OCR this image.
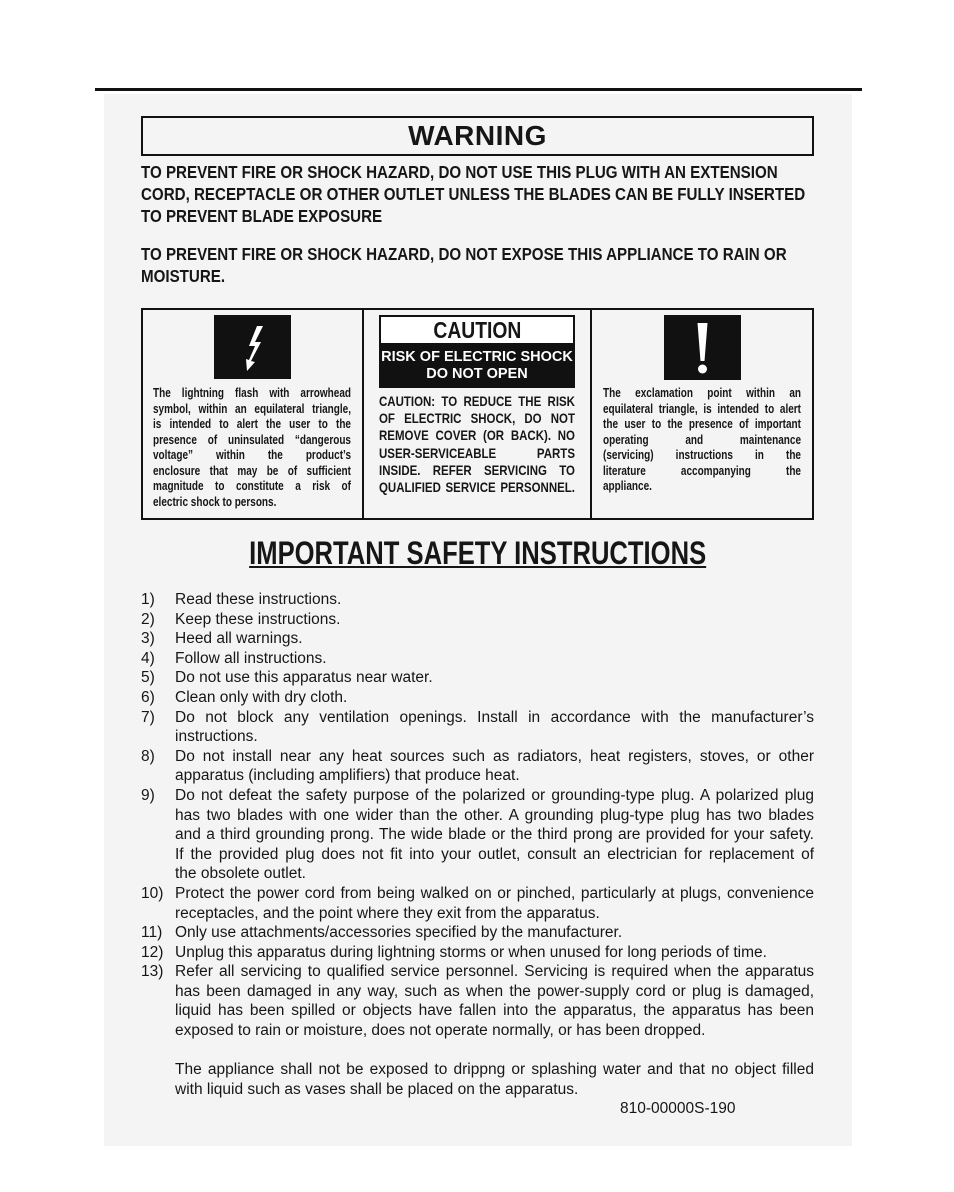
WARNING
TO PREVENT FIRE OR SHOCK HAZARD, DO NOT USE THIS PLUG WITH AN EXTENSION
CORD, RECEPTACLE OR OTHER OUTLET UNLESS THE BLADES CAN BE FULLY INSERTED
TO PREVENT BLADE EXPOSURE
TO PREVENT FIRE OR SHOCK HAZARD, DO NOT EXPOSE THIS APPLIANCE TO RAIN OR
MOISTURE.
The lightning flash with arrowhead
symbol, within an equilateral triangle,
is intended to alert the user to the
presence of uninsulated “dangerous
voltage” within the product’s
enclosure that may be of sufficient
magnitude to constitute a risk of
electric shock to persons.
CAUTION
RISK OF ELECTRIC SHOCK
DO NOT OPEN
CAUTION: TO REDUCE THE RISK
OF ELECTRIC SHOCK, DO NOT
REMOVE COVER (OR BACK). NO
USER-SERVICEABLE PARTS
INSIDE. REFER SERVICING TO
QUALIFIED SERVICE PERSONNEL.
The exclamation point within an
equilateral triangle, is intended to alert
the user to the presence of important
operating and maintenance
(servicing) instructions in the
literature accompanying the
appliance.
IMPORTANT SAFETY INSTRUCTIONS
1)	Read these instructions.
2)	Keep these instructions.
3)	Heed all warnings.
4)	Follow all instructions.
5)	Do not use this apparatus near water.
6)	Clean only with dry cloth.
7)	Do not block any ventilation openings. Install in accordance with the manufacturer’s
instructions.
8)	Do not install near any heat sources such as radiators, heat registers, stoves, or other
apparatus (including amplifiers) that produce heat.
9)	Do not defeat the safety purpose of the polarized or grounding-type plug. A polarized plug
has two blades with one wider than the other. A grounding plug-type plug has two blades
and a third grounding prong. The wide blade or the third prong are provided for your safety.
If the provided plug does not fit into your outlet, consult an electrician for replacement of
the obsolete outlet.
10) Protect the power cord from being walked on or pinched, particularly at plugs, convenience
receptacles, and the point where they exit from the apparatus.
11) Only use attachments/accessories specified by the manufacturer.
12) Unplug this apparatus during lightning storms or when unused for long periods of time.
13) Refer all servicing to qualified service personnel. Servicing is required when the apparatus
has been damaged in any way, such as when the power-supply cord or plug is damaged,
liquid has been spilled or objects have fallen into the apparatus, the apparatus has been
exposed to rain or moisture, does not operate normally, or has been dropped.
The appliance shall not be exposed to drippng or splashing water and that no object filled
with liquid such as vases shall be placed on the apparatus.
810-00000S-190
